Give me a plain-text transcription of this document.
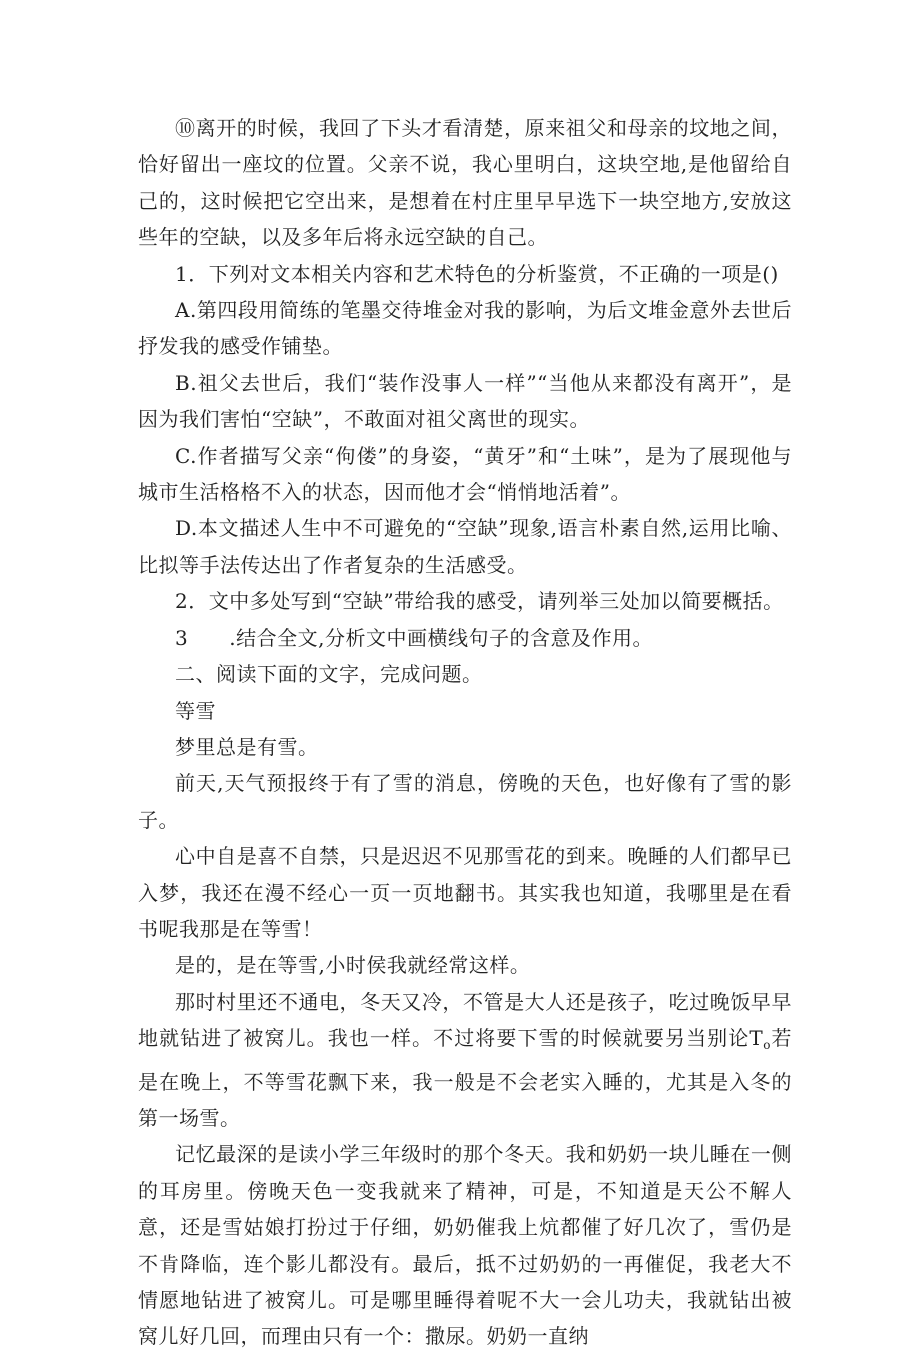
⑩离开的时候，我回了下头才看清楚，原来祖父和母亲的坟地之间，恰好留出一座坟的位置。父亲不说，我心里明白，这块空地,是他留给自己的，这时候把它空出来，是想着在村庄里早早选下一块空地方,安放这些年的空缺，以及多年后将永远空缺的自己。

1．下列对文本相关内容和艺术特色的分析鉴赏，不正确的一项是()

A.第四段用简练的笔墨交待堆金对我的影响，为后文堆金意外去世后抒发我的感受作铺垫。

B.祖父去世后，我们“装作没事人一样”“当他从来都没有离开”，是因为我们害怕“空缺”，不敢面对祖父离世的现实。

C.作者描写父亲“佝偻”的身姿，“黄牙”和“土味”，是为了展现他与城市生活格格不入的状态，因而他才会“悄悄地活着”。

D.本文描述人生中不可避免的“空缺”现象,语言朴素自然,运用比喻、比拟等手法传达出了作者复杂的生活感受。

2．文中多处写到“空缺”带给我的感受，请列举三处加以简要概括。

3　　.结合全文,分析文中画横线句子的含意及作用。

二、阅读下面的文字，完成问题。

等雪

梦里总是有雪。

前天,天气预报终于有了雪的消息，傍晚的天色，也好像有了雪的影子。

心中自是喜不自禁，只是迟迟不见那雪花的到来。晚睡的人们都早已入梦，我还在漫不经心一页一页地翻书。其实我也知道，我哪里是在看书呢我那是在等雪！

是的，是在等雪,小时侯我就经常这样。

那时村里还不通电，冬天又冷，不管是大人还是孩子，吃过晚饭早早地就钻进了被窝儿。我也一样。不过将要下雪的时候就要另当别论$T_o$若是在晚上，不等雪花飘下来，我一般是不会老实入睡的，尤其是入冬的第一场雪。

记忆最深的是读小学三年级时的那个冬天。我和奶奶一块儿睡在一侧的耳房里。傍晚天色一变我就来了精神，可是，不知道是天公不解人意，还是雪姑娘打扮过于仔细，奶奶催我上炕都催了好几次了，雪仍是不肯降临，连个影儿都没有。最后，抵不过奶奶的一再催促，我老大不情愿地钻进了被窝儿。可是哪里睡得着呢不大一会儿功夫，我就钻出被窝儿好几回，而理由只有一个：撒尿。奶奶一直纳
